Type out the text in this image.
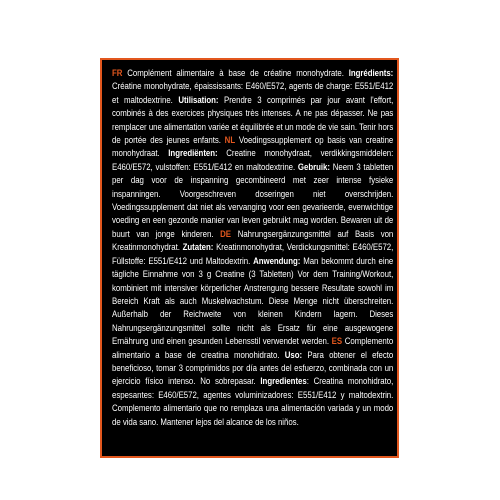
FR Complément alimentaire à base de créatine monohydrate. Ingrédients: Créatine monohydrate, épaississants: E460/E572, agents de charge: E551/E412 et maltodextrine. Utilisation: Prendre 3 comprimés par jour avant l'effort, combinés à des exercices physiques très intenses. A ne pas dépasser. Ne pas remplacer une alimentation variée et équilibrée et un mode de vie sain. Tenir hors de portée des jeunes enfants. NL Voedingssupplement op basis van creatine monohydraat. Ingrediënten: Creatine monohydraat, verdikkingsmiddelen: E460/E572, vulstoffen: E551/E412 en maltodextrine. Gebruik: Neem 3 tabletten per dag voor de inspanning gecombineerd met zeer intense fysieke inspanningen. Voorgeschreven doseringen niet overschrijden. Voedingssupplement dat niet als vervanging voor een gevarieerde, evenwichtige voeding en een gezonde manier van leven gebruikt mag worden. Bewaren uit de buurt van jonge kinderen. DE Nahrungsergänzungsmittel auf Basis von Kreatinmonohydrat. Zutaten: Kreatinmonohydrat, Verdickungsmittel: E460/E572, Füllstoffe: E551/E412 und Maltodextrin. Anwendung: Man bekommt durch eine tägliche Einnahme von 3 g Creatine (3 Tabletten) Vor dem Training/Workout, kombiniert mit intensiver körperlicher Anstrengung bessere Resultate sowohl im Bereich Kraft als auch Muskelwachstum. Diese Menge nicht überschreiten. Außerhalb der Reichweite von kleinen Kindern lagern. Dieses Nahrungsergänzungsmittel sollte nicht als Ersatz für eine ausgewogene Ernährung und einen gesunden Lebensstil verwendet werden. ES Complemento alimentario a base de creatina monohidrato. Uso: Para obtener el efecto beneficioso, tomar 3 comprimidos por día antes del esfuerzo, combinada con un ejercicio físico intenso. No sobrepasar. Ingredientes: Creatina monohidrato, espesantes: E460/E572, agentes voluminizadores: E551/E412 y maltodextrin. Complemento alimentario que no remplaza una alimentación variada y un modo de vida sano. Mantener lejos del alcance de los niños.
